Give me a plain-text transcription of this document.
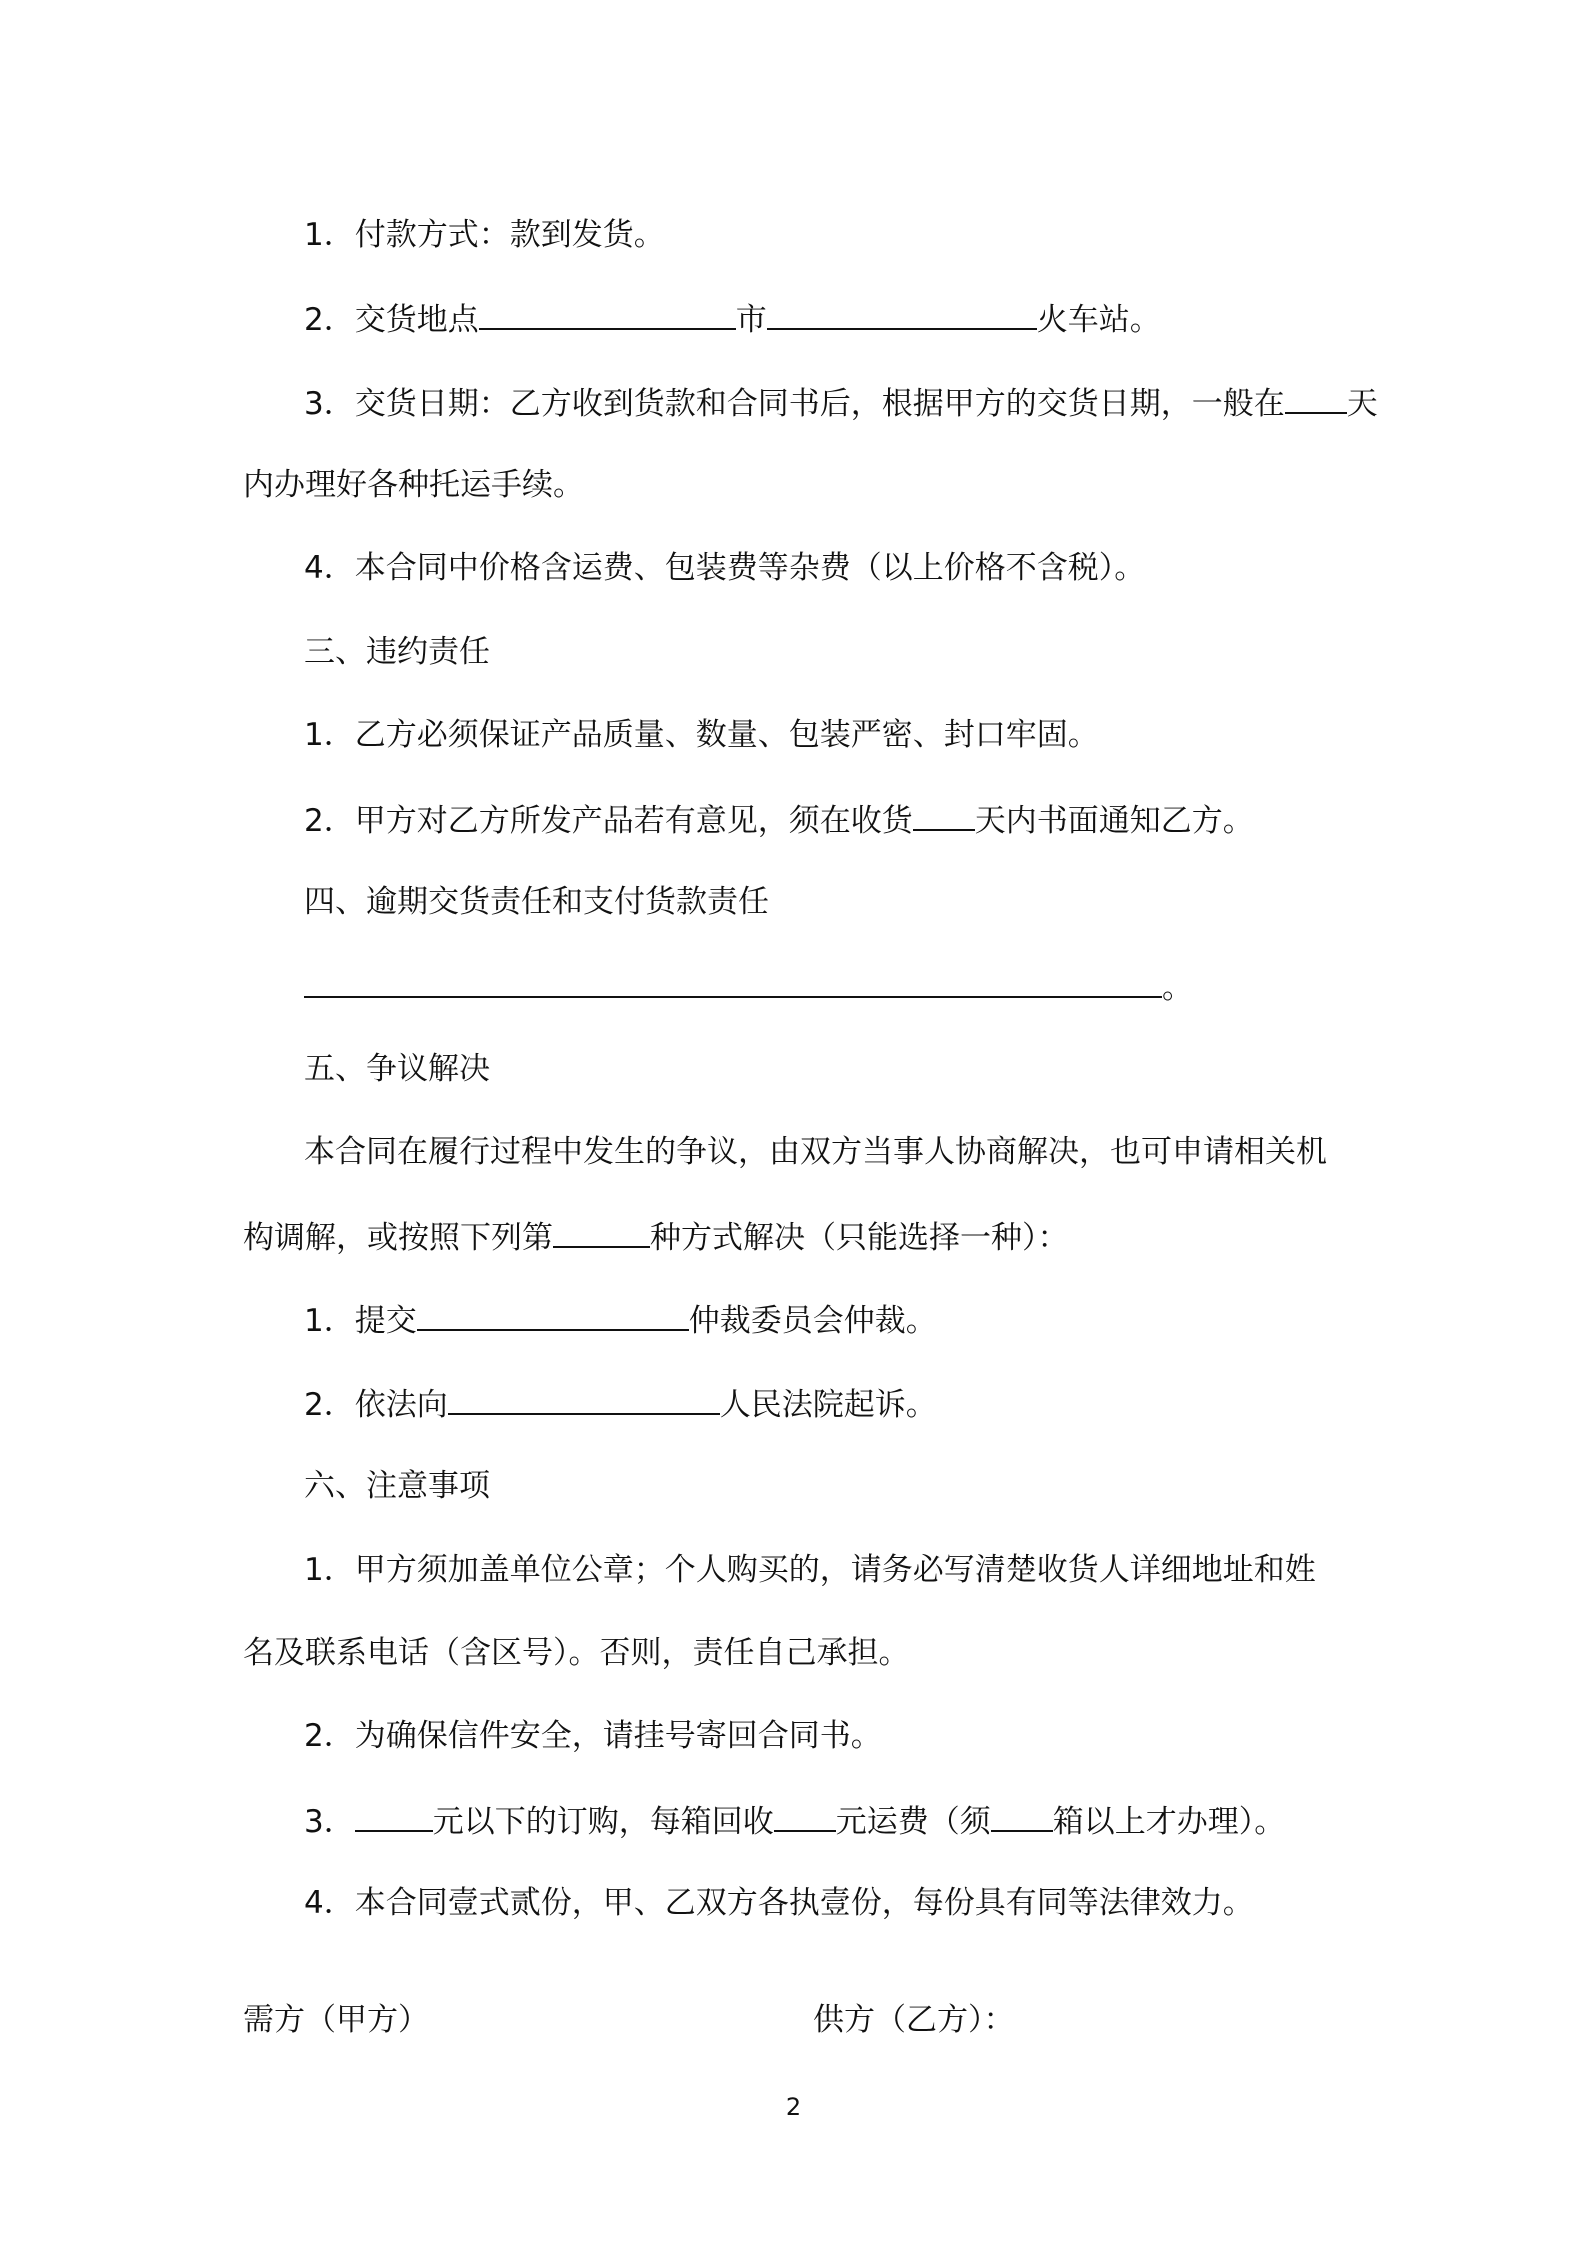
1．付款方式：款到发货。
2．交货地点	市	火车站。
3．交货日期：乙方收到货款和合同书后，根据甲方的交货日期，一般在 天
内办理好各种托运手续。
4．本合同中价格含运费、包装费等杂费（以上价格不含税）。
三、违约责任
1．乙方必须保证产品质量、数量、包装严密、封口牢固。
2．甲方对乙方所发产品若有意见，须在收货 天内书面通知乙方。
四、逾期交货责任和支付货款责任
。
五、争议解决
本合同在履行过程中发生的争议，由双方当事人协商解决，也可申请相关机
构调解，或按照下列第	种方式解决（只能选择一种）：
1．提交	仲裁委员会仲裁。
2．依法向	人民法院起诉。
六、注意事项
1．甲方须加盖单位公章；个人购买的，请务必写清楚收货人详细地址和姓
名及联系电话（含区号）。否则，责任自己承担。
2．为确保信件安全，请挂号寄回合同书。
3．	元以下的订购，每箱回收 元运费（须 箱以上才办理）。
4．本合同壹式贰份，甲、乙双方各执壹份，每份具有同等法律效力。
需方（甲方）	供方（乙方）：
2
